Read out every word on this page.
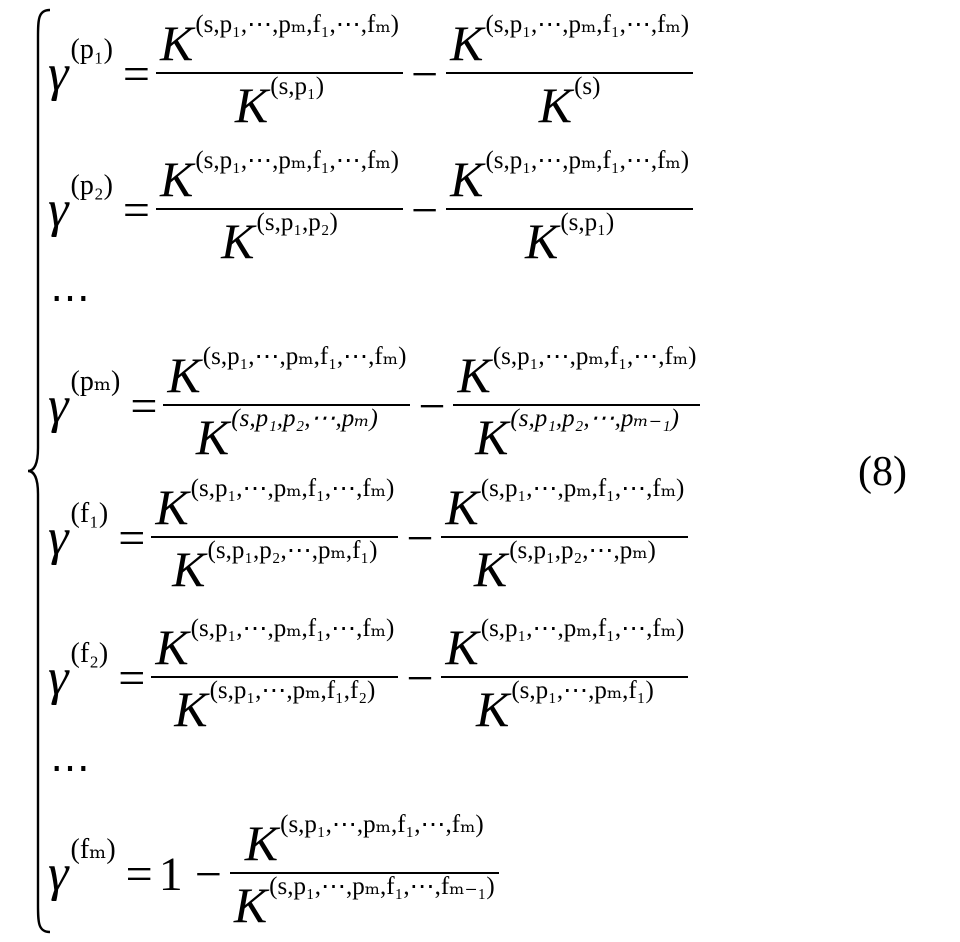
γ $(p_1) = \frac{\text{K (s,p₁,⋯,pₘ,f₁,⋯,fₘ)}}{\text{K (s,p₁)}} - \frac{\text{K (s,p₁,⋯,pₘ,f₁,⋯,fₘ)}}{K (s)}$
γ $(p_2) = \frac{\text{K (s,p₁,⋯,pₘ,f₁,⋯,fₘ)}}{\text{K (s,p₁,p₂)}} - \frac{\text{K (s,p₁,⋯,pₘ,f₁,⋯,fₘ)}}{\text{K (s,p₁)}}$
⋯
γ $(p_m) = \frac{\text{K (s,p₁,⋯,pₘ,f₁,⋯,fₘ)}}{\text{K (s,p₁,p₂,⋯,pₘ)}} - \frac{\text{K (s,p₁,⋯,pₘ,f₁,⋯,fₘ)}}{\text{K (s,p₁,p₂,⋯,pₘ₋₁)}}$
γ $(f_1) = \frac{\text{K (s,p₁,⋯,pₘ,f₁,⋯,fₘ)}}{\text{K (s,p₁,p₂,⋯,pₘ,f₁)}} - \frac{\text{K (s,p₁,⋯,pₘ,f₁,⋯,fₘ)}}{\text{K (s,p₁,p₂,⋯,pₘ)}}$
γ $(f_2) = \frac{\text{K (s,p₁,⋯,pₘ,f₁,⋯,fₘ)}}{\text{K (s,p₁,⋯,pₘ,f₁,f₂)}} - \frac{\text{K (s,p₁,⋯,pₘ,f₁,⋯,fₘ)}}{\text{K (s,p₁,⋯,pₘ,f₁)}}$
⋯
γ $(f_m) = 1 - \frac{\text{K (s,p₁,⋯,pₘ,f₁,⋯,fₘ)}}{\text{K (s,p₁,⋯,pₘ,f₁,⋯,fₘ₋₁)}}$
(8)
